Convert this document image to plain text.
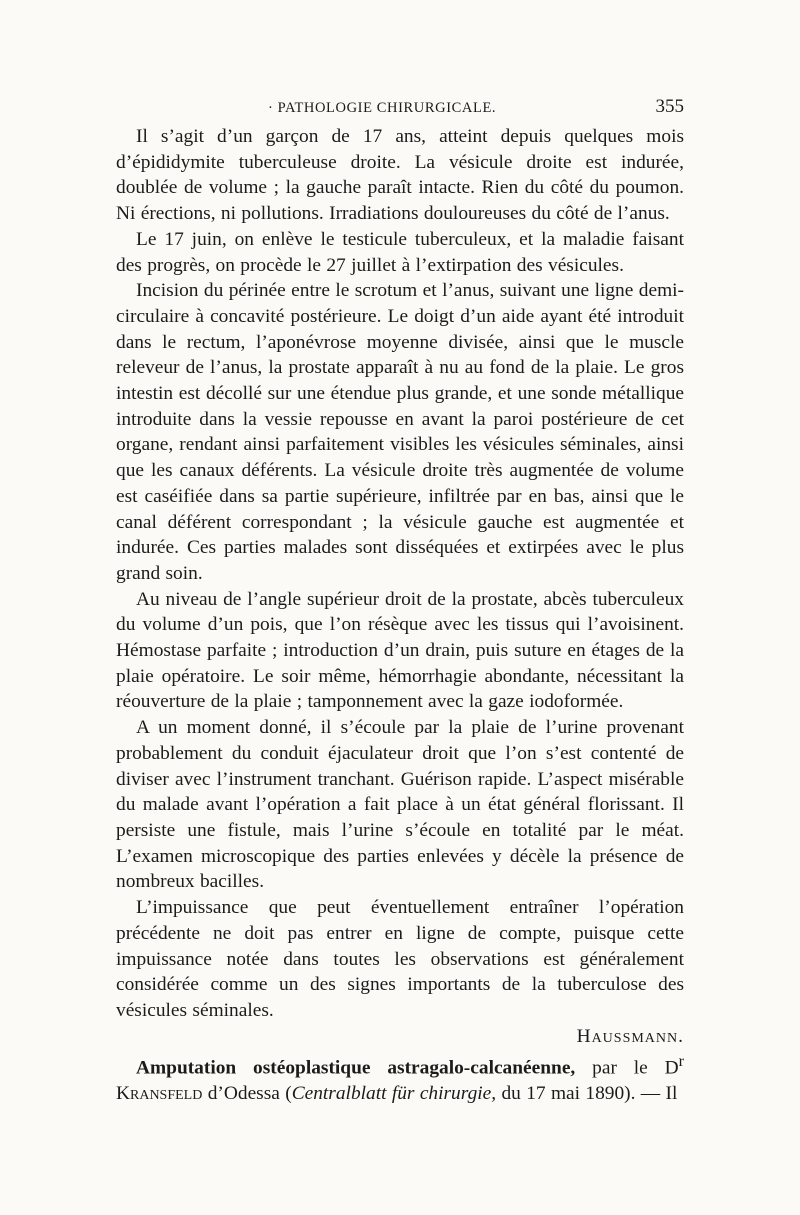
· PATHOLOGIE CHIRURGICALE.	355

Il s’agit d’un garçon de 17 ans, atteint depuis quelques mois d’épididymite tuberculeuse droite. La vésicule droite est indurée, doublée de volume ; la gauche paraît intacte. Rien du côté du poumon. Ni érections, ni pollutions. Irradiations douloureuses du côté de l’anus.

Le 17 juin, on enlève le testicule tuberculeux, et la maladie faisant des progrès, on procède le 27 juillet à l’extirpation des vésicules.

Incision du périnée entre le scrotum et l’anus, suivant une ligne demi-circulaire à concavité postérieure. Le doigt d’un aide ayant été introduit dans le rectum, l’aponévrose moyenne divisée, ainsi que le muscle releveur de l’anus, la prostate apparaît à nu au fond de la plaie. Le gros intestin est décollé sur une étendue plus grande, et une sonde métallique introduite dans la vessie repousse en avant la paroi postérieure de cet organe, rendant ainsi parfaitement visibles les vésicules séminales, ainsi que les canaux déférents. La vésicule droite très augmentée de volume est caséifiée dans sa partie supérieure, infiltrée par en bas, ainsi que le canal déférent correspondant ; la vésicule gauche est augmentée et indurée. Ces parties malades sont disséquées et extirpées avec le plus grand soin.

Au niveau de l’angle supérieur droit de la prostate, abcès tuberculeux du volume d’un pois, que l’on résèque avec les tissus qui l’avoisinent. Hémostase parfaite ; introduction d’un drain, puis suture en étages de la plaie opératoire. Le soir même, hémorrhagie abondante, nécessitant la réouverture de la plaie ; tamponnement avec la gaze iodoformée.

A un moment donné, il s’écoule par la plaie de l’urine provenant probablement du conduit éjaculateur droit que l’on s’est contenté de diviser avec l’instrument tranchant. Guérison rapide. L’aspect misérable du malade avant l’opération a fait place à un état général florissant. Il persiste une fistule, mais l’urine s’écoule en totalité par le méat. L’examen microscopique des parties enlevées y décèle la présence de nombreux bacilles.

L’impuissance que peut éventuellement entraîner l’opération précédente ne doit pas entrer en ligne de compte, puisque cette impuissance notée dans toutes les observations est généralement considérée comme un des signes importants de la tuberculose des vésicules séminales.

Haussmann.

Amputation ostéoplastique astragalo-calcanéenne, par le $D^r$ Kransfeld d’Odessa (Centralblatt für chirurgie, du 17 mai 1890). — Il
